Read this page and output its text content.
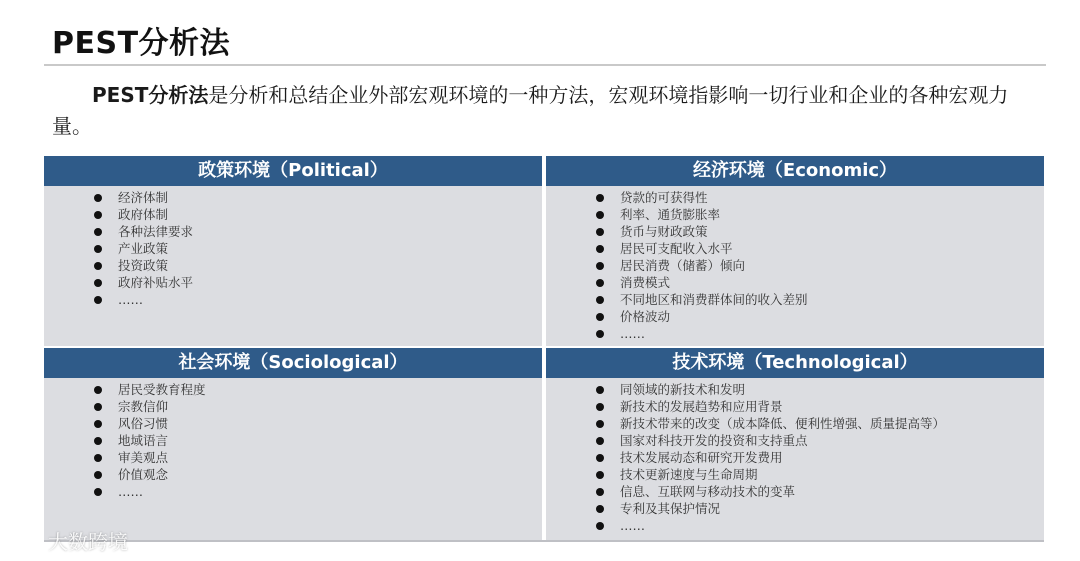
PEST分析法

PEST分析法是分析和总结企业外部宏观环境的一种方法，宏观环境指影响一切行业和企业的各种宏观力量。

政策环境（Political）
经济体制
政府体制
各种法律要求
产业政策
投资政策
政府补贴水平
……
经济环境（Economic）
贷款的可获得性
利率、通货膨胀率
货币与财政政策
居民可支配收入水平
居民消费（储蓄）倾向
消费模式
不同地区和消费群体间的收入差别
价格波动
……
社会环境（Sociological）
居民受教育程度
宗教信仰
风俗习惯
地域语言
审美观点
价值观念
……
技术环境（Technological）
同领域的新技术和发明
新技术的发展趋势和应用背景
新技术带来的改变（成本降低、便利性增强、质量提高等）
国家对科技开发的投资和支持重点
技术发展动态和研究开发费用
技术更新速度与生命周期
信息、互联网与移动技术的变革
专利及其保护情况
……
大数跨境
